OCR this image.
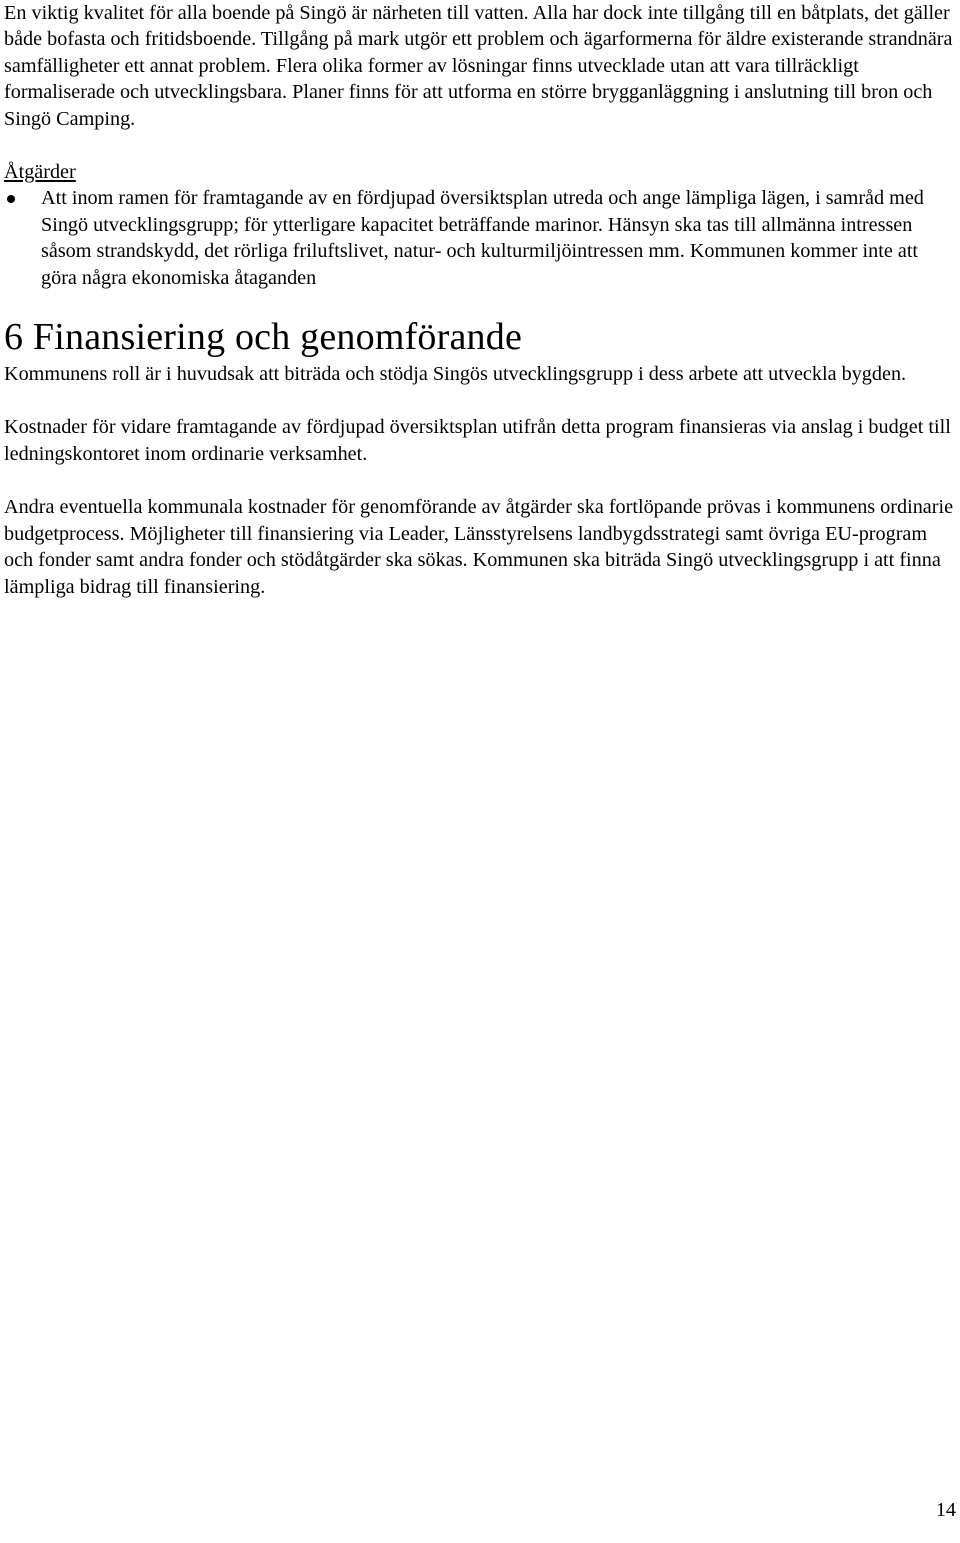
En viktig kvalitet för alla boende på Singö är närheten till vatten. Alla har dock inte tillgång till en båtplats, det gäller både bofasta och fritidsboende. Tillgång på mark utgör ett problem och ägarformerna för äldre existerande strandnära samfälligheter ett annat problem. Flera olika former av lösningar finns utvecklade utan att vara tillräckligt formaliserade och utvecklingsbara. Planer finns för att utforma en större brygganläggning i anslutning till bron och Singö Camping.

Åtgärder
Att inom ramen för framtagande av en fördjupad översiktsplan utreda och ange lämpliga lägen, i samråd med Singö utvecklingsgrupp; för ytterligare kapacitet beträffande marinor. Hänsyn ska tas till allmänna intressen såsom strandskydd, det rörliga friluftslivet, natur- och kulturmiljöintressen mm. Kommunen kommer inte att göra några ekonomiska åtaganden
6 Finansiering och genomförande

Kommunens roll är i huvudsak att biträda och stödja Singös utvecklingsgrupp i dess arbete att utveckla bygden.

Kostnader för vidare framtagande av fördjupad översiktsplan utifrån detta program finansieras via anslag i budget till ledningskontoret inom ordinarie verksamhet.

Andra eventuella kommunala kostnader för genomförande av åtgärder ska fortlöpande prövas i kommunens ordinarie budgetprocess. Möjligheter till finansiering via Leader, Länsstyrelsens landbygdsstrategi samt övriga EU-program och fonder samt andra fonder och stödåtgärder ska sökas. Kommunen ska biträda Singö utvecklingsgrupp i att finna lämpliga bidrag till finansiering.

14
